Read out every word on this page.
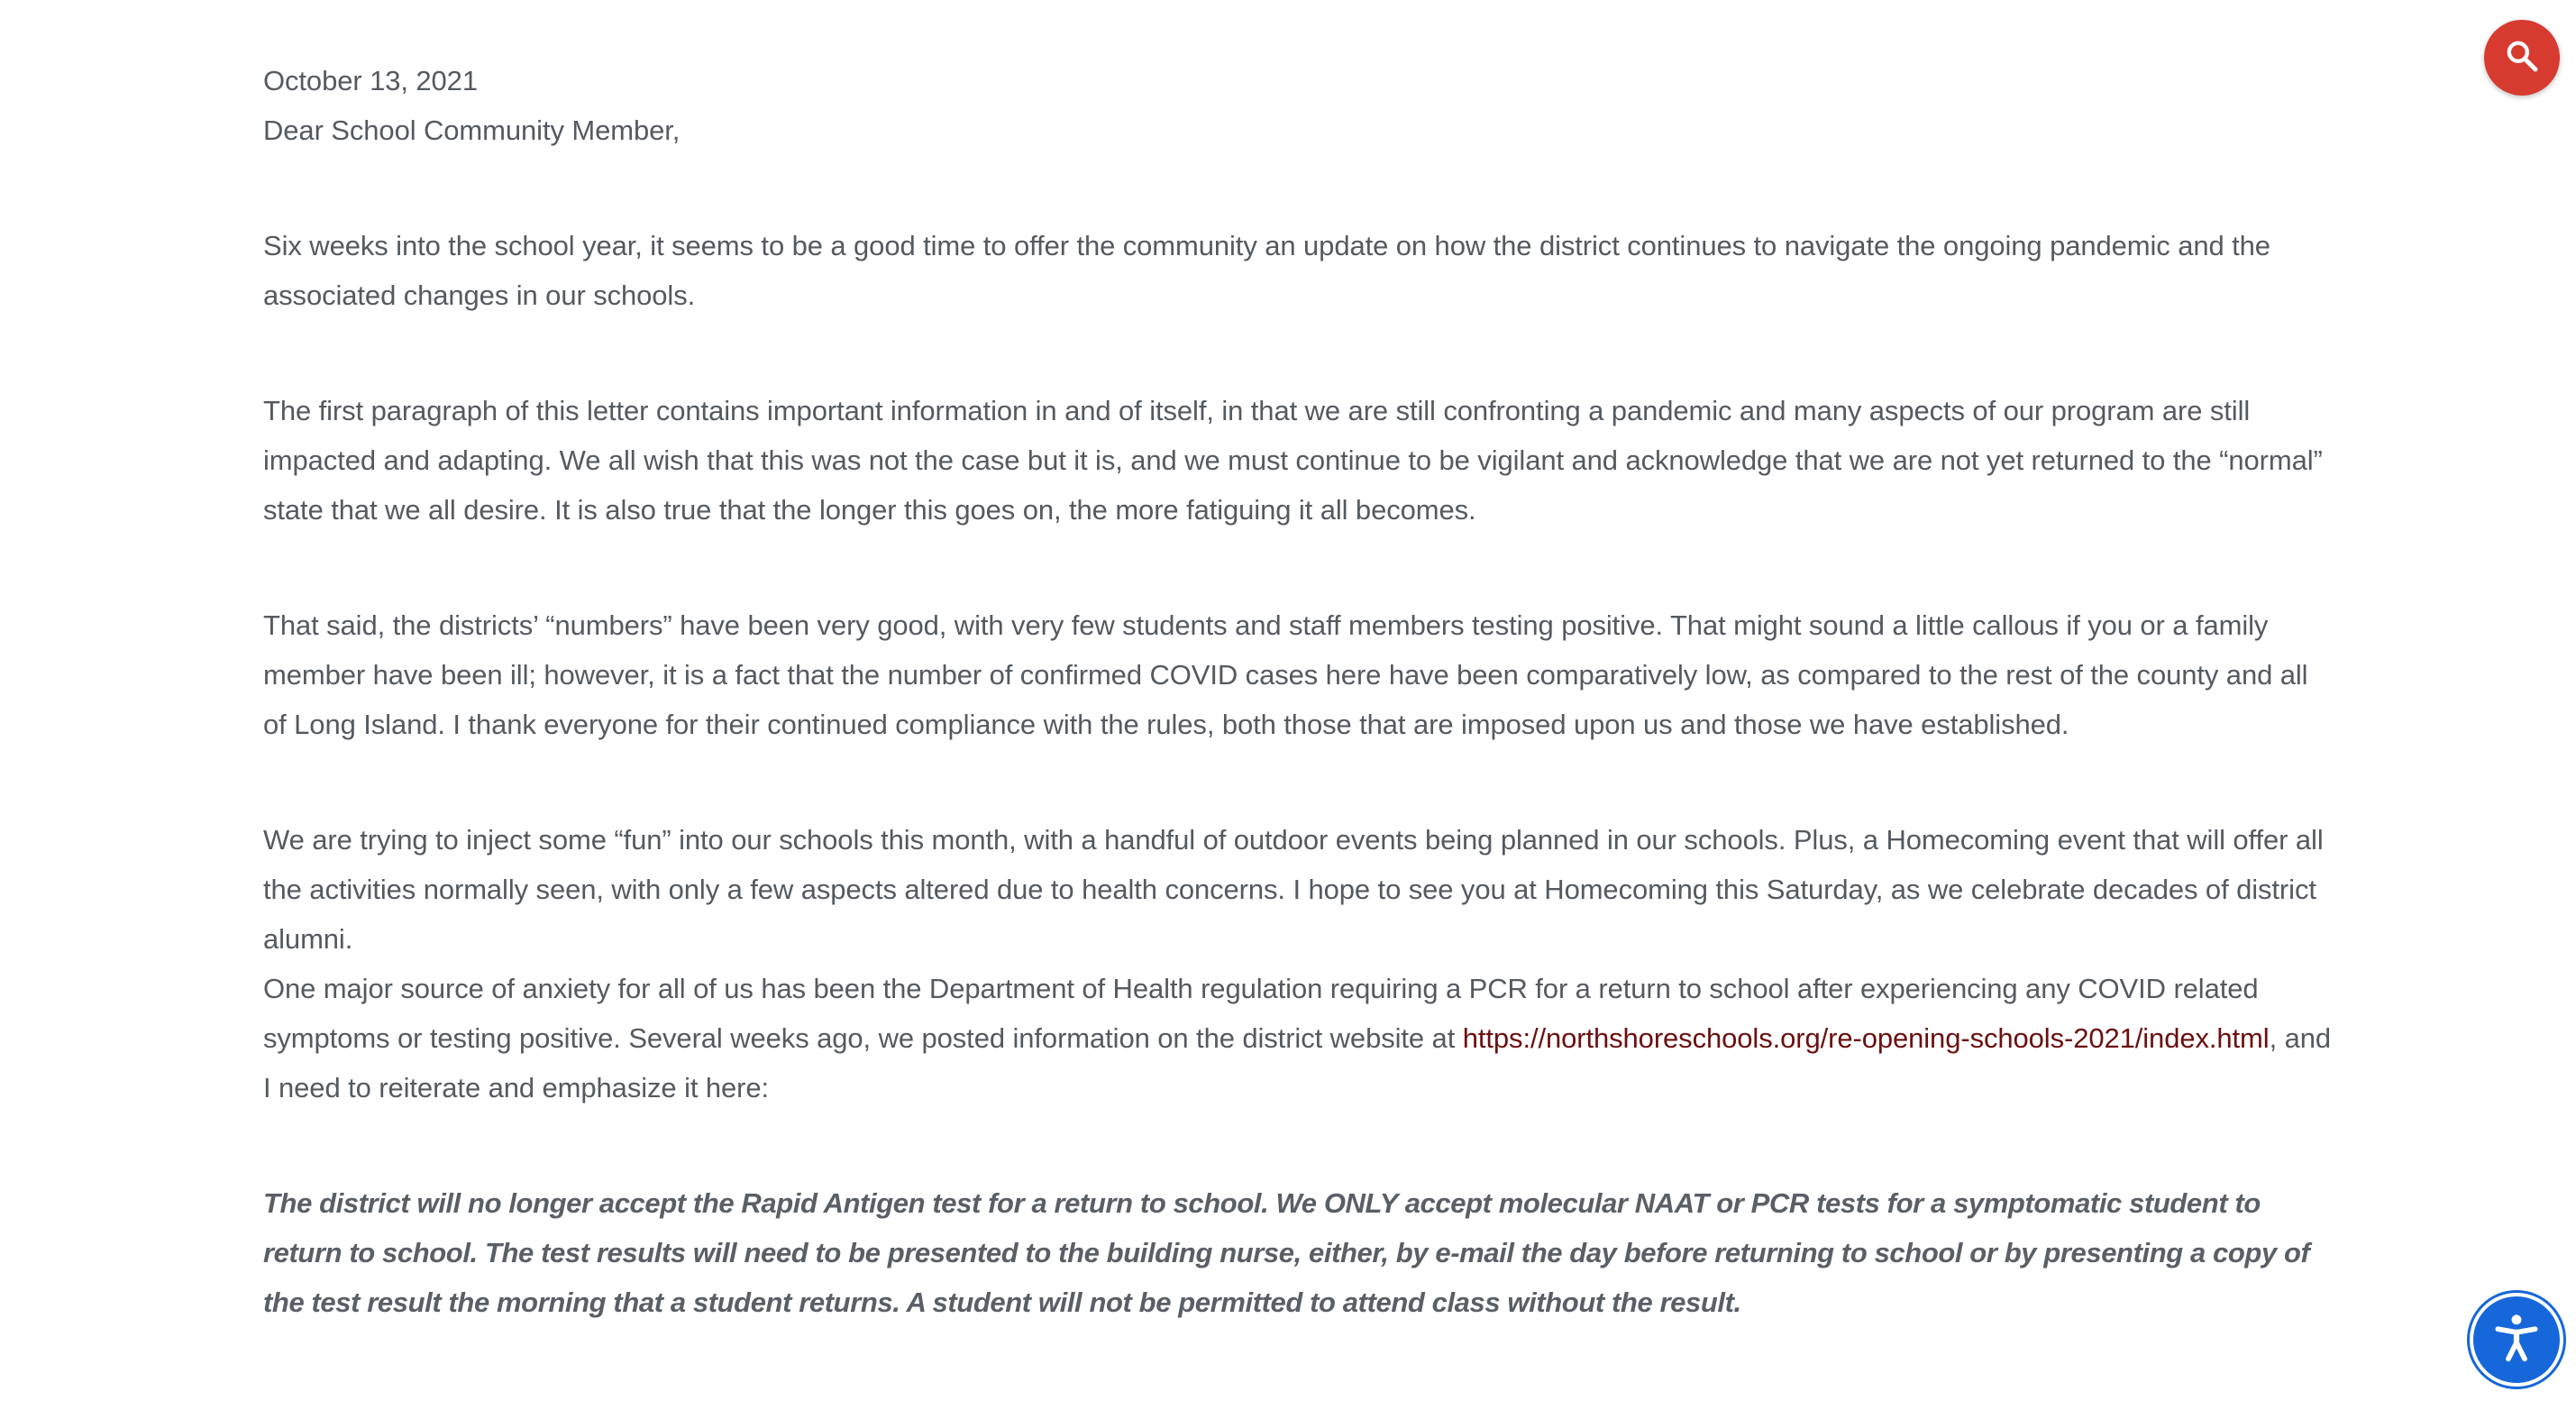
October 13, 2021

Dear School Community Member,

Six weeks into the school year, it seems to be a good time to offer the community an update on how the district continues to navigate the ongoing pandemic and the associated changes in our schools.

The first paragraph of this letter contains important information in and of itself, in that we are still confronting a pandemic and many aspects of our program are still impacted and adapting. We all wish that this was not the case but it is, and we must continue to be vigilant and acknowledge that we are not yet returned to the “normal” state that we all desire. It is also true that the longer this goes on, the more fatiguing it all becomes.

That said, the districts’ “numbers” have been very good, with very few students and staff members testing positive. That might sound a little callous if you or a family member have been ill; however, it is a fact that the number of confirmed COVID cases here have been comparatively low, as compared to the rest of the county and all of Long Island. I thank everyone for their continued compliance with the rules, both those that are imposed upon us and those we have established.

We are trying to inject some “fun” into our schools this month, with a handful of outdoor events being planned in our schools. Plus, a Homecoming event that will offer all the activities normally seen, with only a few aspects altered due to health concerns. I hope to see you at Homecoming this Saturday, as we celebrate decades of district alumni.

One major source of anxiety for all of us has been the Department of Health regulation requiring a PCR for a return to school after experiencing any COVID related symptoms or testing positive. Several weeks ago, we posted information on the district website at https://northshoreschools.org/re-opening-schools-2021/index.html, and I need to reiterate and emphasize it here:

The district will no longer accept the Rapid Antigen test for a return to school. We ONLY accept molecular NAAT or PCR tests for a symptomatic student to return to school. The test results will need to be presented to the building nurse, either, by e-mail the day before returning to school or by presenting a copy of the test result the morning that a student returns. A student will not be permitted to attend class without the result.
